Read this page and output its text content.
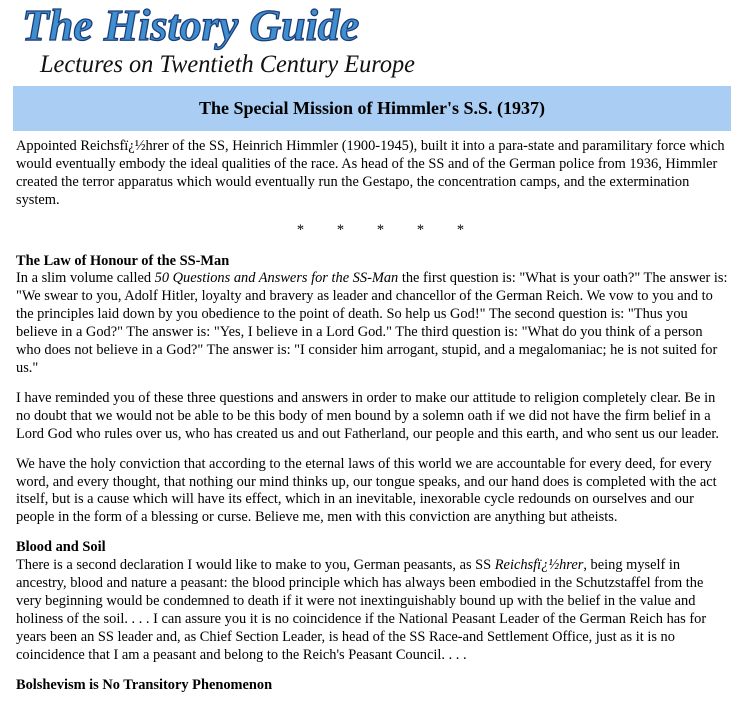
The History Guide
Lectures on Twentieth Century Europe
The Special Mission of Himmler's S.S. (1937)

Appointed Reichsfï¿½hrer of the SS, Heinrich Himmler (1900-1945), built it into a para-state and paramilitary force which would eventually embody the ideal qualities of the race. As head of the SS and of the German police from 1936, Himmler created the terror apparatus which would eventually run the Gestapo, the concentration camps, and the extermination system.

* * * * *

The Law of Honour of the SS-Man
In a slim volume called 50 Questions and Answers for the SS-Man the first question is: "What is your oath?" The answer is: "We swear to you, Adolf Hitler, loyalty and bravery as leader and chancellor of the German Reich. We vow to you and to the principles laid down by you obedience to the point of death. So help us God!" The second question is: "Thus you believe in a God?" The answer is: "Yes, I believe in a Lord God." The third question is: "What do you think of a person who does not believe in a God?" The answer is: "I consider him arrogant, stupid, and a megalomaniac; he is not suited for us."

I have reminded you of these three questions and answers in order to make our attitude to religion completely clear. Be in no doubt that we would not be able to be this body of men bound by a solemn oath if we did not have the firm belief in a Lord God who rules over us, who has created us and out Fatherland, our people and this earth, and who sent us our leader.

We have the holy conviction that according to the eternal laws of this world we are accountable for every deed, for every word, and every thought, that nothing our mind thinks up, our tongue speaks, and our hand does is completed with the act itself, but is a cause which will have its effect, which in an inevitable, inexorable cycle redounds on ourselves and our people in the form of a blessing or curse. Believe me, men with this conviction are anything but atheists.

Blood and Soil
There is a second declaration I would like to make to you, German peasants, as SS Reichsfï¿½hrer, being myself in ancestry, blood and nature a peasant: the blood principle which has always been embodied in the Schutzstaffel from the very beginning would be condemned to death if it were not inextinguishably bound up with the belief in the value and holiness of the soil. . . . I can assure you it is no coincidence if the National Peasant Leader of the German Reich has for years been an SS leader and, as Chief Section Leader, is head of the SS Race-and Settlement Office, just as it is no coincidence that I am a peasant and belong to the Reich's Peasant Council. . . .

Bolshevism is No Transitory Phenomenon
